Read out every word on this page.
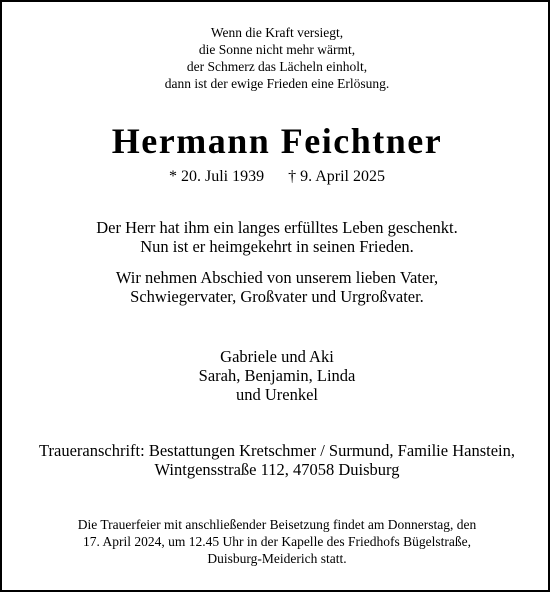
Wenn die Kraft versiegt,
die Sonne nicht mehr wärmt,
der Schmerz das Lächeln einholt,
dann ist der ewige Frieden eine Erlösung.
Hermann Feichtner
* 20. Juli 1939 † 9. April 2025
Der Herr hat ihm ein langes erfülltes Leben geschenkt.
Nun ist er heimgekehrt in seinen Frieden.
Wir nehmen Abschied von unserem lieben Vater,
Schwiegervater, Großvater und Urgroßvater.
Gabriele und Aki
Sarah, Benjamin, Linda
und Urenkel
Traueranschrift: Bestattungen Kretschmer / Surmund, Familie Hanstein,
Wintgensstraße 112, 47058 Duisburg
Die Trauerfeier mit anschließender Beisetzung findet am Donnerstag, den
17. April 2024, um 12.45 Uhr in der Kapelle des Friedhofs Bügelstraße,
Duisburg-Meiderich statt.
